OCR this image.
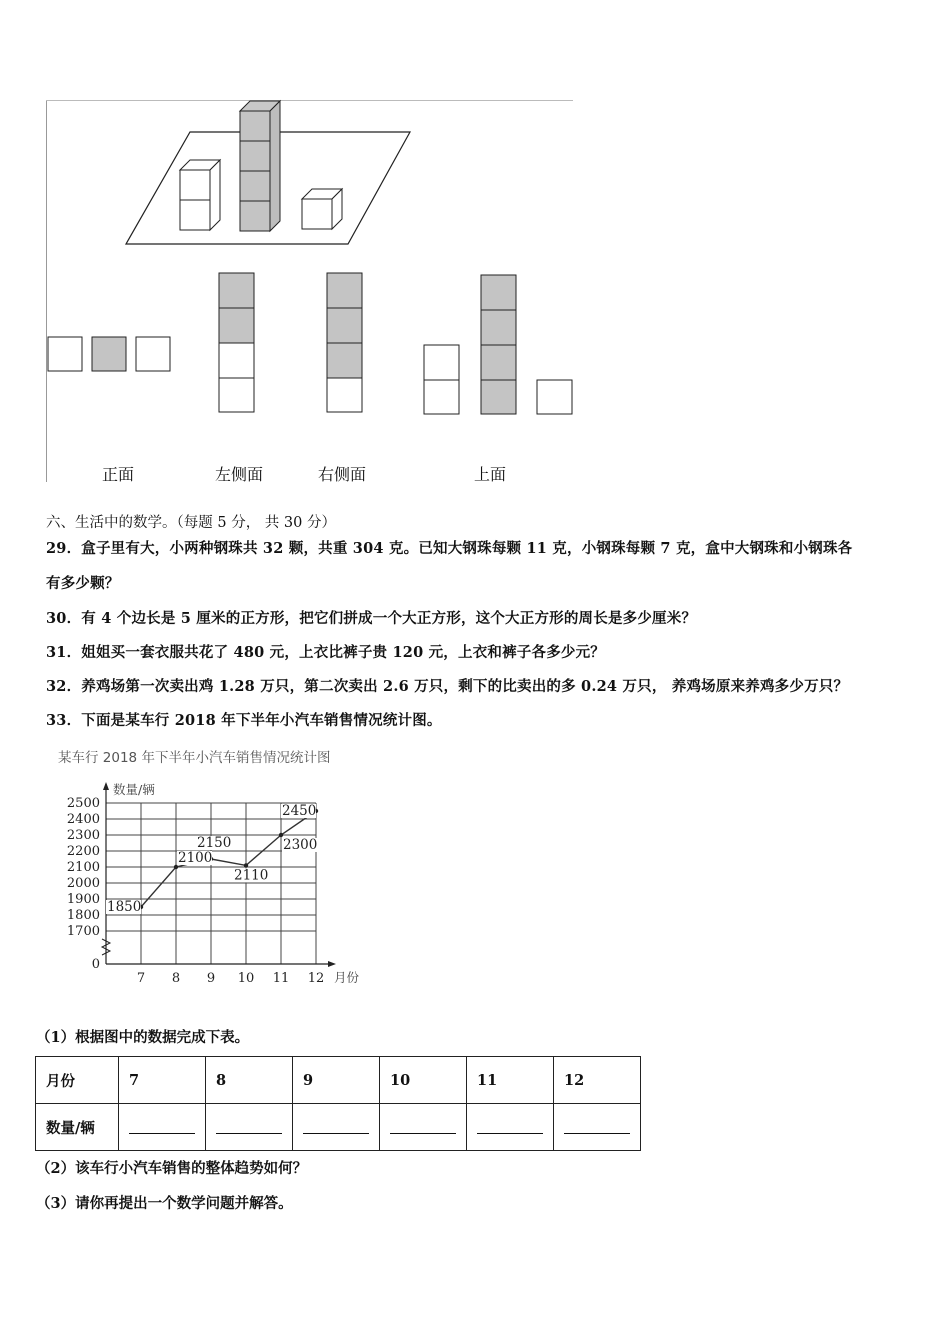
正面	左侧面	右侧面	上面
六、生活中的数学。（每题 5 分， 共 30 分）
29．盒子里有大，小两种钢珠共 32 颗，共重 304 克。已知大钢珠每颗 11 克，小钢珠每颗 7 克，盒中大钢珠和小钢珠各
有多少颗？
30．有 4 个边长是 5 厘米的正方形，把它们拼成一个大正方形，这个大正方形的周长是多少厘米？
31．姐姐买一套衣服共花了 480 元，上衣比裤子贵 120 元，上衣和裤子各多少元？
32．养鸡场第一次卖出鸡 1.28 万只，第二次卖出 2.6 万只，剩下的比卖出的多 0.24 万只， 养鸡场原来养鸡多少万只？
33．下面是某车行 2018 年下半年小汽车销售情况统计图。
某车行 2018 年下半年小汽车销售情况统计图
0
1700
1800
1900
2000
2100
2200
2300
2400
2500
7 8 9 10 11 12
数量/辆
月份
1850
2100
2150
2110
2300
2450
（1）根据图中的数据完成下表。
月份	7	8	9	10	11	12
数量/辆						
（2）该车行小汽车销售的整体趋势如何？
（3）请你再提出一个数学问题并解答。
